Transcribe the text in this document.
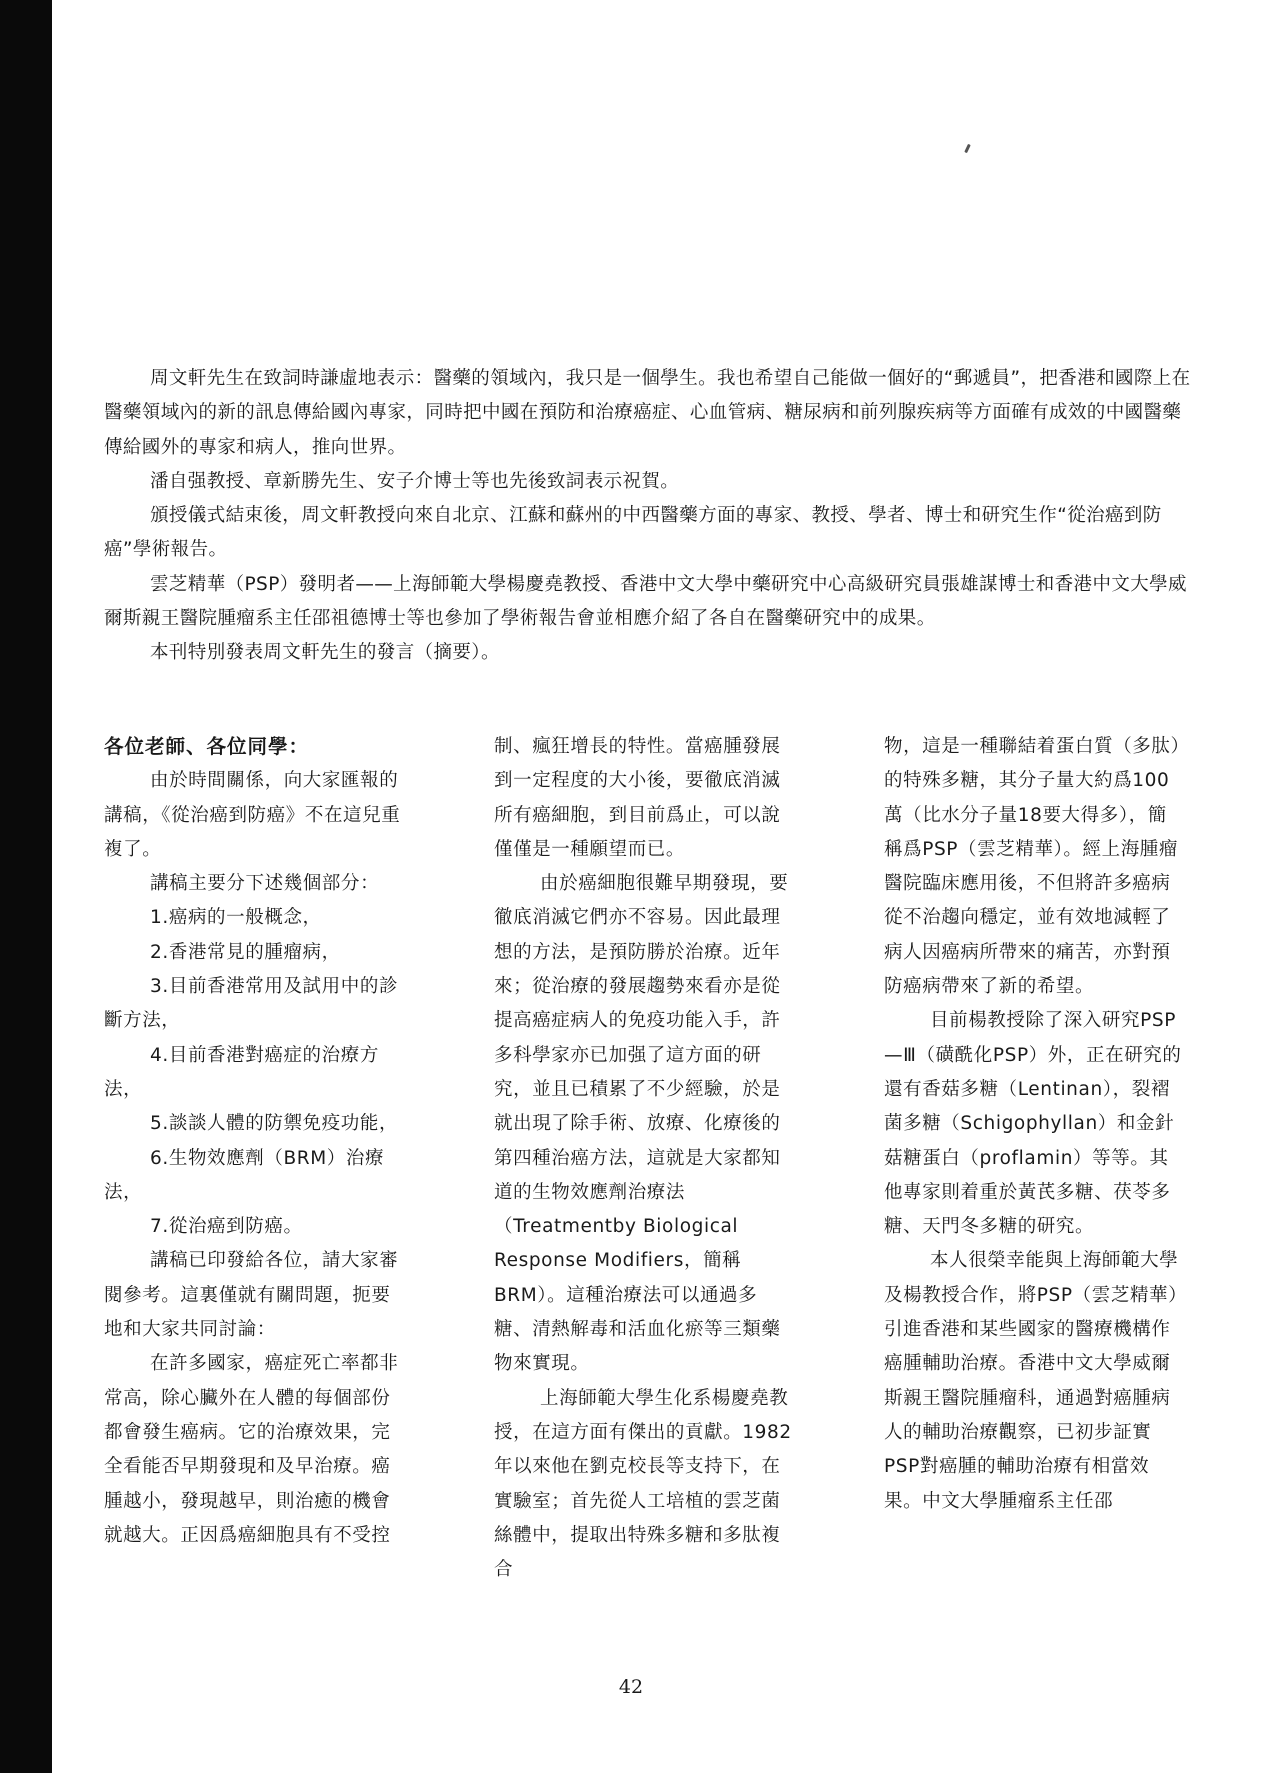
周文軒先生在致詞時謙虛地表示：醫藥的領域內，我只是一個學生。我也希望自己能做一個好的“郵遞員”，把香港和國際上在醫藥領域內的新的訊息傳給國內專家，同時把中國在預防和治療癌症、心血管病、糖尿病和前列腺疾病等方面確有成效的中國醫藥傳給國外的專家和病人，推向世界。

潘自强教授、章新勝先生、安子介博士等也先後致詞表示祝賀。

頒授儀式結束後，周文軒教授向來自北京、江蘇和蘇州的中西醫藥方面的專家、教授、學者、博士和研究生作“從治癌到防癌”學術報告。

雲芝精華（PSP）發明者——上海師範大學楊慶堯教授、香港中文大學中藥研究中心高級研究員張雄謀博士和香港中文大學威爾斯親王醫院腫瘤系主任邵祖德博士等也參加了學術報告會並相應介紹了各自在醫藥研究中的成果。

本刊特別發表周文軒先生的發言（摘要）。

各位老師、各位同學：

由於時間關係，向大家匯報的講稿，《從治癌到防癌》不在這兒重複了。

講稿主要分下述幾個部分：

1.癌病的一般概念，

2.香港常見的腫瘤病，

3.目前香港常用及試用中的診斷方法，

4.目前香港對癌症的治療方法，

5.談談人體的防禦免疫功能，

6.生物效應劑（BRM）治療法，

7.從治癌到防癌。

講稿已印發給各位，請大家審閱參考。這裏僅就有關問題，扼要地和大家共同討論：

在許多國家，癌症死亡率都非常高，除心臟外在人體的每個部份都會發生癌病。它的治療效果，完全看能否早期發現和及早治療。癌腫越小，發現越早，則治癒的機會就越大。正因爲癌細胞具有不受控

制、瘋狂增長的特性。當癌腫發展到一定程度的大小後，要徹底消滅所有癌細胞，到目前爲止，可以說僅僅是一種願望而已。

由於癌細胞很難早期發現，要徹底消滅它們亦不容易。因此最理想的方法，是預防勝於治療。近年來；從治療的發展趨勢來看亦是從提高癌症病人的免疫功能入手，許多科學家亦已加强了這方面的研究，並且已積累了不少經驗，於是就出現了除手術、放療、化療後的第四種治癌方法，這就是大家都知道的生物效應劑治療法（Treatmentby Biological Response Modifiers，簡稱 BRM）。這種治療法可以通過多糖、清熱解毒和活血化瘀等三類藥物來實現。

上海師範大學生化系楊慶堯教授，在這方面有傑出的貢獻。1982年以來他在劉克校長等支持下，在實驗室；首先從人工培植的雲芝菌絲體中，提取出特殊多糖和多肽複合

物，這是一種聯結着蛋白質（多肽）的特殊多糖，其分子量大約爲100萬（比水分子量18要大得多），簡稱爲PSP（雲芝精華）。經上海腫瘤醫院臨床應用後，不但將許多癌病從不治趨向穩定，並有效地減輕了病人因癌病所帶來的痛苦，亦對預防癌病帶來了新的希望。

目前楊教授除了深入研究PSP—Ⅲ（磺酰化PSP）外，正在研究的還有香菇多糖（Lentinan），裂褶菌多糖（Schigophyllan）和金針菇糖蛋白（proflamin）等等。其他專家則着重於黃芪多糖、茯苓多糖、天門冬多糖的研究。

本人很榮幸能與上海師範大學及楊教授合作，將PSP（雲芝精華）引進香港和某些國家的醫療機構作癌腫輔助治療。香港中文大學威爾斯親王醫院腫瘤科，通過對癌腫病人的輔助治療觀察，已初步証實PSP對癌腫的輔助治療有相當效果。中文大學腫瘤系主任邵

42
